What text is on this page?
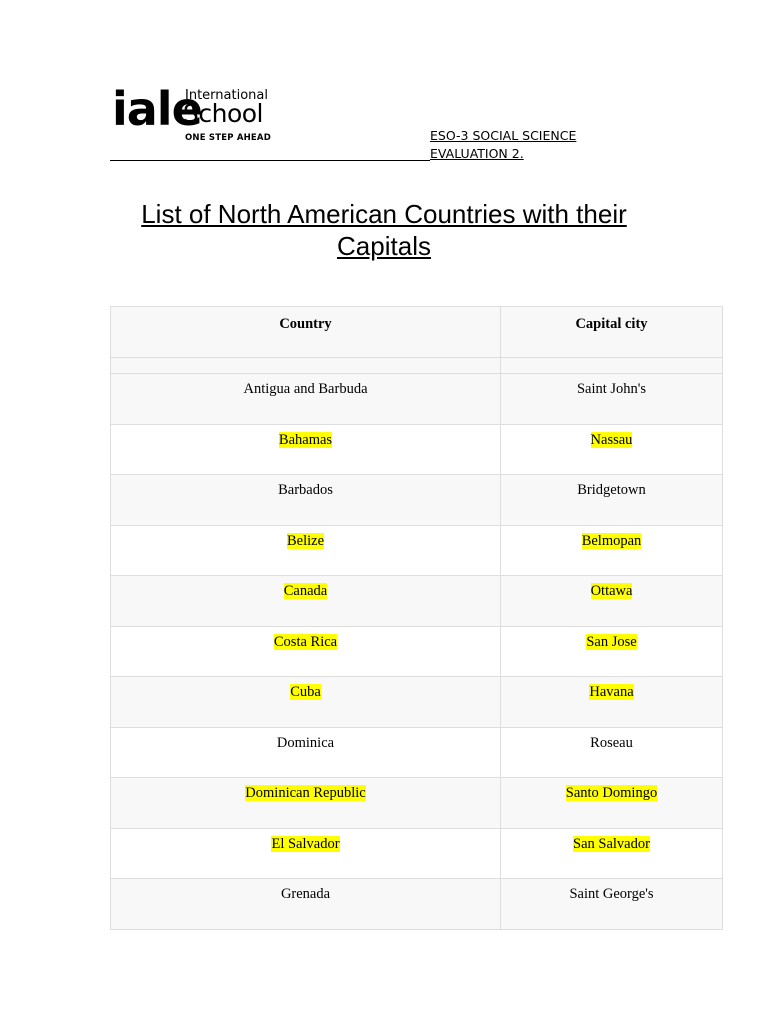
iale
International
School
ONE STEP AHEAD	ESO-3 SOCIAL SCIENCE
EVALUATION 2.
List of North American Countries with their Capitals
Country	Capital city

Antigua and Barbuda	Saint John's
Bahamas	Nassau
Barbados	Bridgetown
Belize	Belmopan
Canada	Ottawa
Costa Rica	San Jose
Cuba	Havana
Dominica	Roseau
Dominican Republic	Santo Domingo
El Salvador	San Salvador
Grenada	Saint George's
